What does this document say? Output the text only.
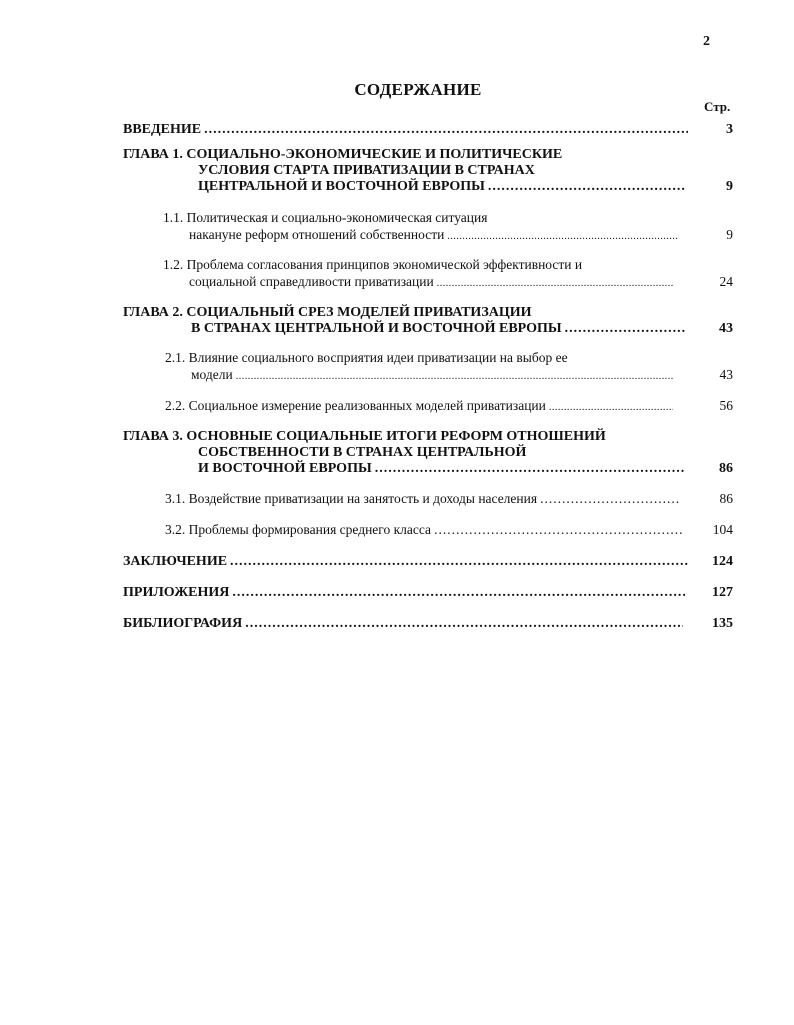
2
СОДЕРЖАНИЕ
Стр.
ВВЕДЕНИЕ .....	3
ГЛАВА 1. СОЦИАЛЬНО-ЭКОНОМИЧЕСКИЕ И ПОЛИТИЧЕСКИЕ
УСЛОВИЯ СТАРТА ПРИВАТИЗАЦИИ В СТРАНАХ
ЦЕНТРАЛЬНОЙ И ВОСТОЧНОЙ ЕВРОПЫ .....	9
1.1. Политическая и социально-экономическая ситуация
накануне реформ отношений собственности .....	9
1.2. Проблема согласования принципов экономической эффективности и
социальной справедливости приватизации .....	24
ГЛАВА 2. СОЦИАЛЬНЫЙ СРЕЗ МОДЕЛЕЙ ПРИВАТИЗАЦИИ
В СТРАНАХ ЦЕНТРАЛЬНОЙ И ВОСТОЧНОЙ ЕВРОПЫ .....	43
2.1. Влияние социального восприятия идеи приватизации на выбор ее
модели .....	43
2.2. Социальное измерение реализованных моделей приватизации .....	56
ГЛАВА 3. ОСНОВНЫЕ СОЦИАЛЬНЫЕ ИТОГИ РЕФОРМ ОТНОШЕНИЙ
СОБСТВЕННОСТИ В СТРАНАХ ЦЕНТРАЛЬНОЙ
И ВОСТОЧНОЙ ЕВРОПЫ .....	86
3.1. Воздействие приватизации на занятость и доходы населения .....	86
3.2. Проблемы формирования среднего класса .....	104
ЗАКЛЮЧЕНИЕ .....	124
ПРИЛОЖЕНИЯ .....	127
БИБЛИОГРАФИЯ .....	135
